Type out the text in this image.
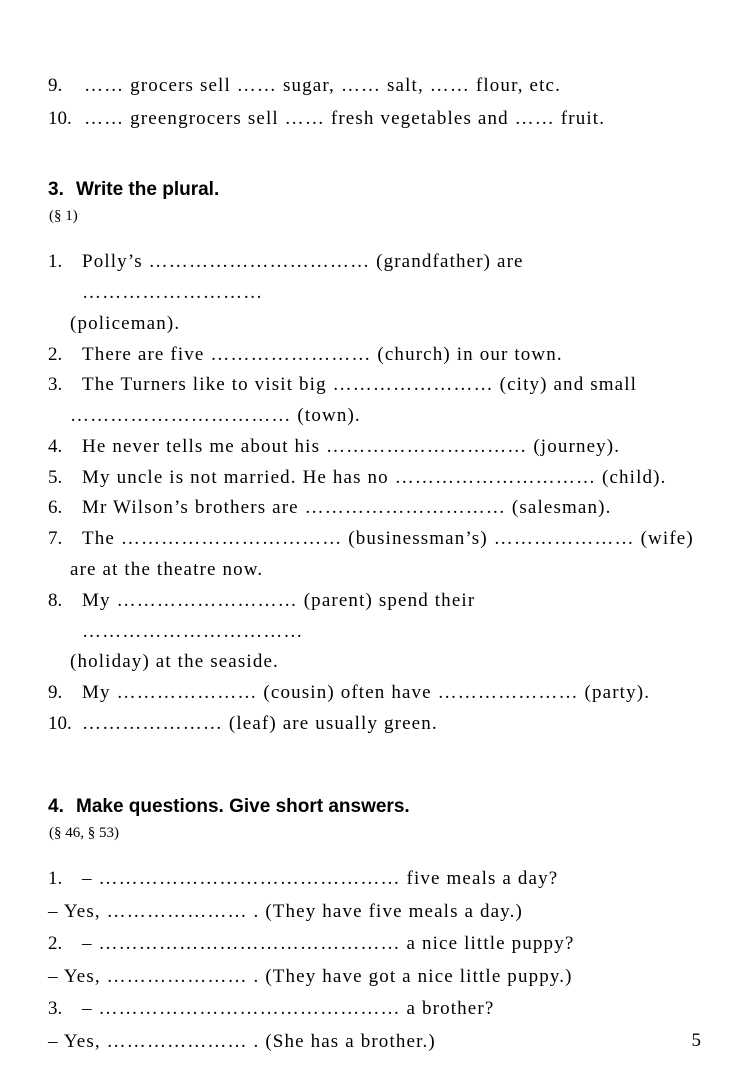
9.	…… grocers sell …… sugar, …… salt, …… flour, etc.
10. …… greengrocers sell …… fresh vegetables and …… fruit.
3. Write the plural.
(§ 1)
1.	Polly’s …………………………… (grandfather) are ………………………
(policeman).
2.	There are five …………………… (church) in our town.
3.	The Turners like to visit big …………………… (city) and small
…………………………… (town).
4.	He never tells me about his ………………………… (journey).
5.	My uncle is not married. He has no ………………………… (child).
6.	Mr Wilson’s brothers are ………………………… (salesman).
7.	The …………………………… (businessman’s) ………………… (wife)
are at the theatre now.
8.	My ……………………… (parent) spend their ……………………………
(holiday) at the seaside.
9.	My ………………… (cousin) often have ………………… (party).
10. ………………… (leaf) are usually green.
4. Make questions. Give short answers.
(§ 46, § 53)
1.	– ……………………………………… five meals a day?
– Yes, ………………… . (They have five meals a day.)
2.	– ……………………………………… a nice little puppy?
– Yes, ………………… . (They have got a nice little puppy.)
3.	– ……………………………………… a brother?
– Yes, ………………… . (She has a brother.)	5
